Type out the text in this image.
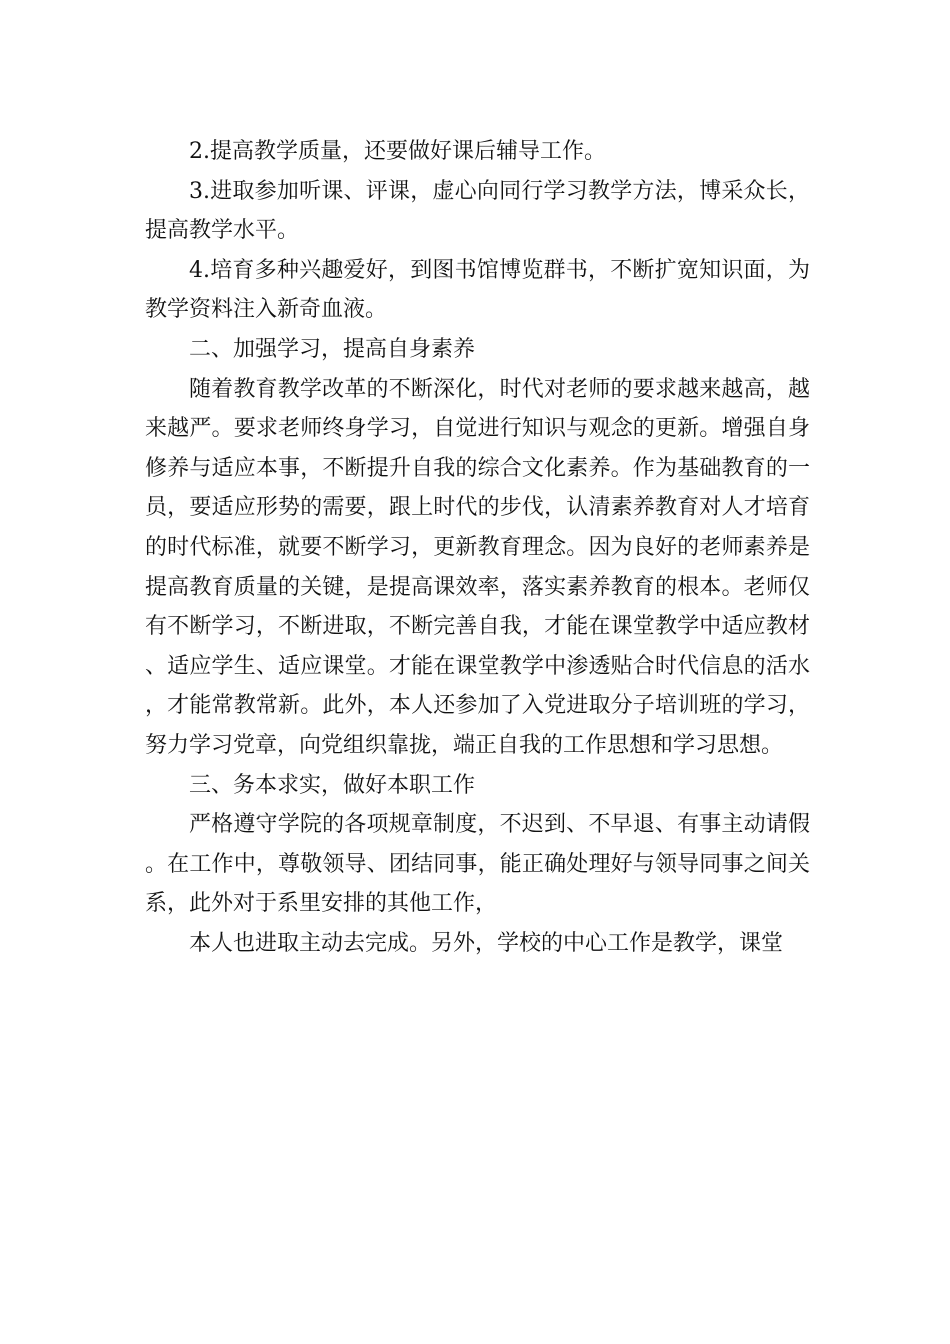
2.提高教学质量，还要做好课后辅导工作。

3.进取参加听课、评课，虚心向同行学习教学方法，博采众长，提高教学水平。

4.培育多种兴趣爱好，到图书馆博览群书，不断扩宽知识面，为教学资料注入新奇血液。

二、加强学习，提高自身素养

随着教育教学改革的不断深化，时代对老师的要求越来越高，越来越严。要求老师终身学习，自觉进行知识与观念的更新。增强自身修养与适应本事，不断提升自我的综合文化素养。作为基础教育的一员，要适应形势的需要，跟上时代的步伐，认清素养教育对人才培育的时代标准，就要不断学习，更新教育理念。因为良好的老师素养是提高教育质量的关键，是提高课效率，落实素养教育的根本。老师仅有不断学习，不断进取，不断完善自我，才能在课堂教学中适应教材、适应学生、适应课堂。才能在课堂教学中渗透贴合时代信息的活水，才能常教常新。此外，本人还参加了入党进取分子培训班的学习，努力学习党章，向党组织靠拢，端正自我的工作思想和学习思想。

三、务本求实，做好本职工作

严格遵守学院的各项规章制度，不迟到、不早退、有事主动请假。在工作中，尊敬领导、团结同事，能正确处理好与领导同事之间关系，此外对于系里安排的其他工作，

本人也进取主动去完成。另外，学校的中心工作是教学，课堂
